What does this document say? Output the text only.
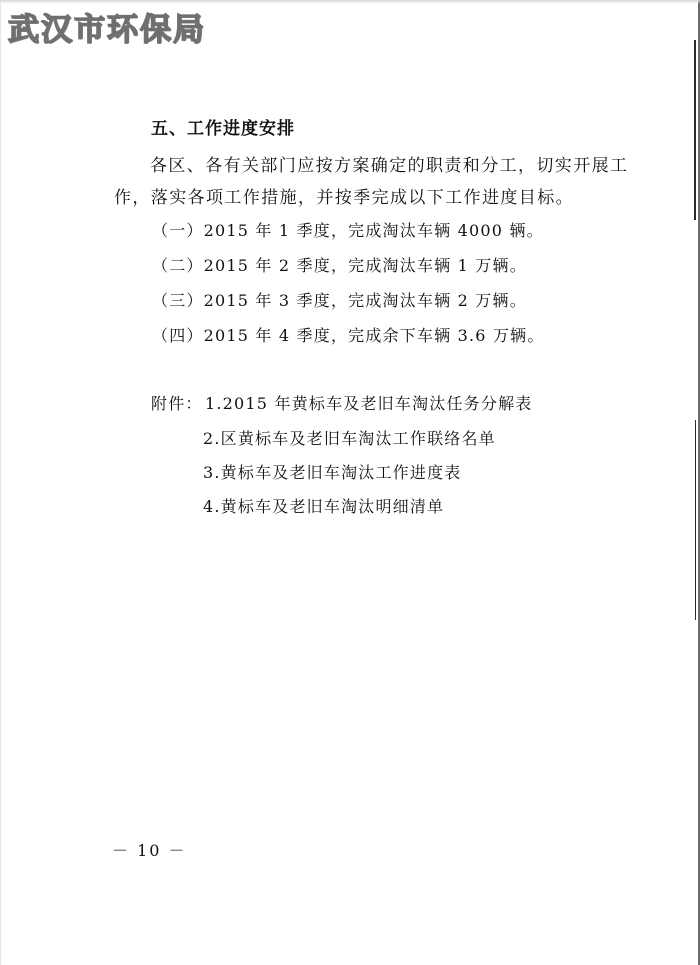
武汉市环保局
五、工作进度安排
各区、各有关部门应按方案确定的职责和分工，切实开展工
作，落实各项工作措施，并按季完成以下工作进度目标。
（一）2015 年 1 季度，完成淘汰车辆 4000 辆。
（二）2015 年 2 季度，完成淘汰车辆 1 万辆。
（三）2015 年 3 季度，完成淘汰车辆 2 万辆。
（四）2015 年 4 季度，完成余下车辆 3.6 万辆。
附件： 1.2015 年黄标车及老旧车淘汰任务分解表
2.区黄标车及老旧车淘汰工作联络名单
3.黄标车及老旧车淘汰工作进度表
4.黄标车及老旧车淘汰明细清单
－ 10 －
